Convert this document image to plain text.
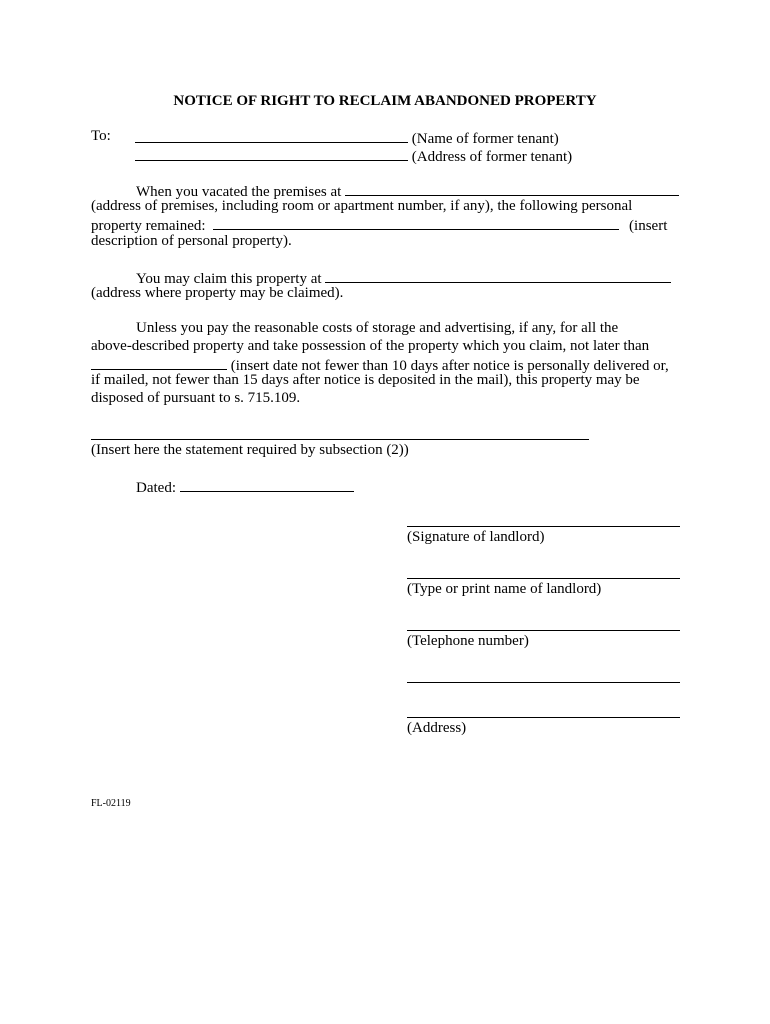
NOTICE OF RIGHT TO RECLAIM ABANDONED PROPERTY
To:	(Name of former tenant)
(Address of former tenant)
When you vacated the premises at
(address of premises, including room or apartment number, if any), the following personal
property remained:	(insert
description of personal property).
You may claim this property at
(address where property may be claimed).
Unless you pay the reasonable costs of storage and advertising, if any, for all the
above-described property and take possession of the property which you claim, not later than
(insert date not fewer than 10 days after notice is personally delivered or,
if mailed, not fewer than 15 days after notice is deposited in the mail), this property may be
disposed of pursuant to s. 715.109.
(Insert here the statement required by subsection (2))
Dated:
(Signature of landlord)
(Type or print name of landlord)
(Telephone number)
(Address)
FL-02119
